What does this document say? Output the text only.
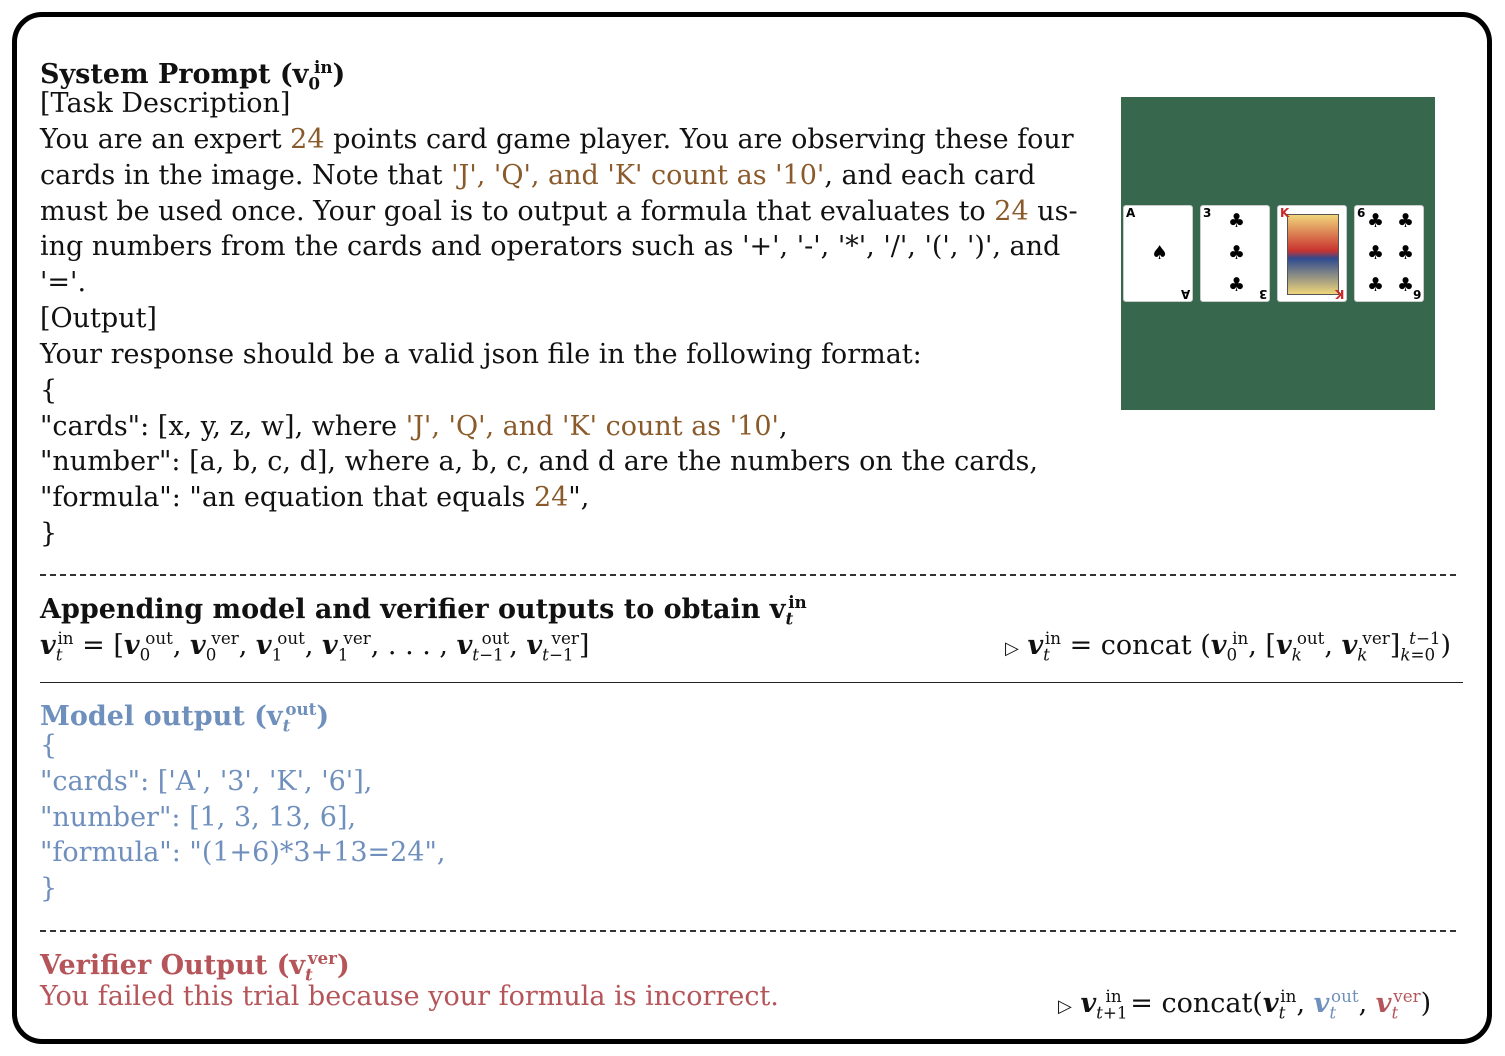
System Prompt $(v_0^{in})$
[Task Description]
You are an expert 24 points card game player. You are observing these four
cards in the image. Note that 'J', 'Q', and 'K' count as '10', and each card
must be used once. Your goal is to output a formula that evaluates to 24 us-
ing numbers from the cards and operators such as '+', '-', '*', '/', '(', ')', and
'='.
[Output]
Your response should be a valid json file in the following format:
{
"cards": [x, y, z, w], where 'J', 'Q', and 'K' count as '10',
"number": [a, b, c, d], where a, b, c, and d are the numbers on the cards,
"formula": "an equation that equals 24",
}
A
♠
A
3 ♣
♣
♣ 3
K
K
6 ♣ ♣
♣ ♣
♣ ♣
6
Appending model and verifier outputs to obtain $v_t^{in}$
$v_t^{in} = [v_0^{out}$, $v_0^{ver}$, $v_1^{out}$, $v_1^{ver}$, . . . , $v_{t-1}^{out}$, $v_{t-1}^{ver}$]	▷ $v_t^{in}$ = concat ($v_0^{in}$, [$v_k^{out}$, $v_k^{ver}]_{k=0}^{t-1}$)
Model output $(v_t^{out})$
{
"cards": ['A', '3', 'K', '6'],
"number": [1, 3, 13, 6],
"formula": "(1+6)*3+13=24",
}
Verifier Output $(v_t^{ver})$
You failed this trial because your formula is incorrect.	▷ $v_{t+1}^{in}$ = $concat(v_t^{in}$, $v_t^{out}$, $v_t^{ver}$)
